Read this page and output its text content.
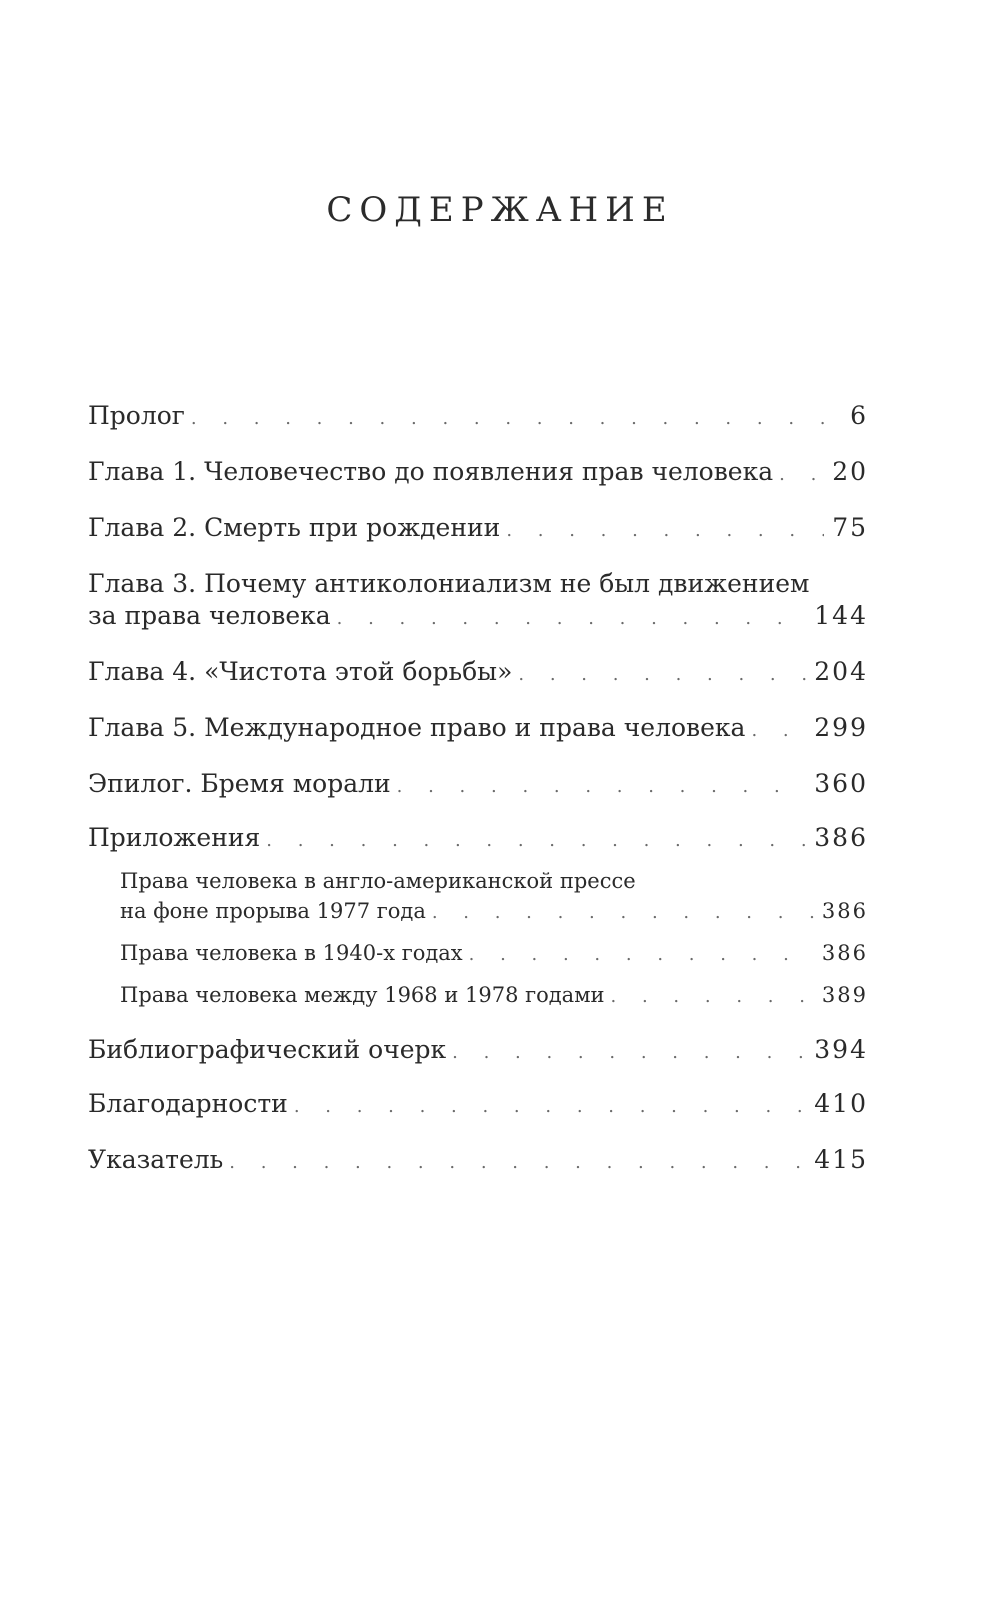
СОДЕРЖАНИЕ
Пролог . . .	6
Глава 1. Человечество до появления прав человека . . . 20
Глава 2. Смерть при рождении . . .	75
Глава 3. Почему антиколониализм не был движением
за права человека . . .	144
Глава 4. «Чистота этой борьбы» . . .	204
Глава 5. Международное право и права человека . . .	299
Эпилог. Бремя морали . . .	360
Приложения . . .	386
Права человека в англо-американской прессе
на фоне прорыва 1977 года . . .	386
Права человека в 1940-х годах . . .	386
Права человека между 1968 и 1978 годами . . .	389
Библиографический очерк . . .	394
Благодарности . . .	410
Указатель . . .	415
